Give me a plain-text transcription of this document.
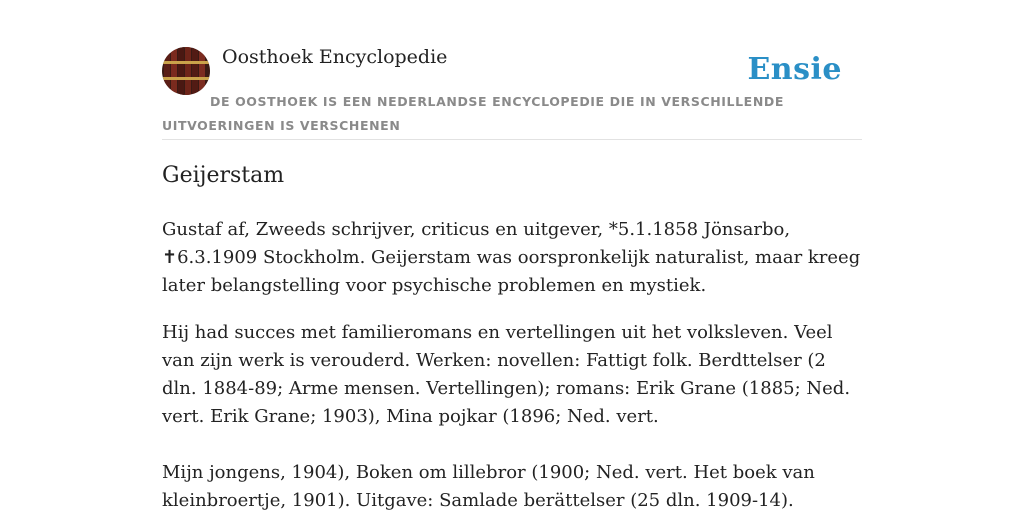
Oosthoek Encyclopedie	Ensie
DE OOSTHOEK IS EEN NEDERLANDSE ENCYCLOPEDIE DIE IN VERSCHILLENDE UITVOERINGEN IS VERSCHENEN
Geijerstam

Gustaf af, Zweeds schrijver, criticus en uitgever, *5.1.1858 Jönsarbo, ✝6.3.1909 Stockholm. Geijerstam was oorspronkelijk naturalist, maar kreeg later belangstelling voor psychische problemen en mystiek.

Hij had succes met familieromans en vertellingen uit het volksleven. Veel van zijn werk is verouderd. Werken: novellen: Fattigt folk. Berdttelser (2 dln. 1884-89; Arme mensen. Vertellingen); romans: Erik Grane (1885; Ned. vert. Erik Grane; 1903), Mina pojkar (1896; Ned. vert.

Mijn jongens, 1904), Boken om lillebror (1900; Ned. vert. Het boek van kleinbroertje, 1901). Uitgave: Samlade berättelser (25 dln. 1909-14).
